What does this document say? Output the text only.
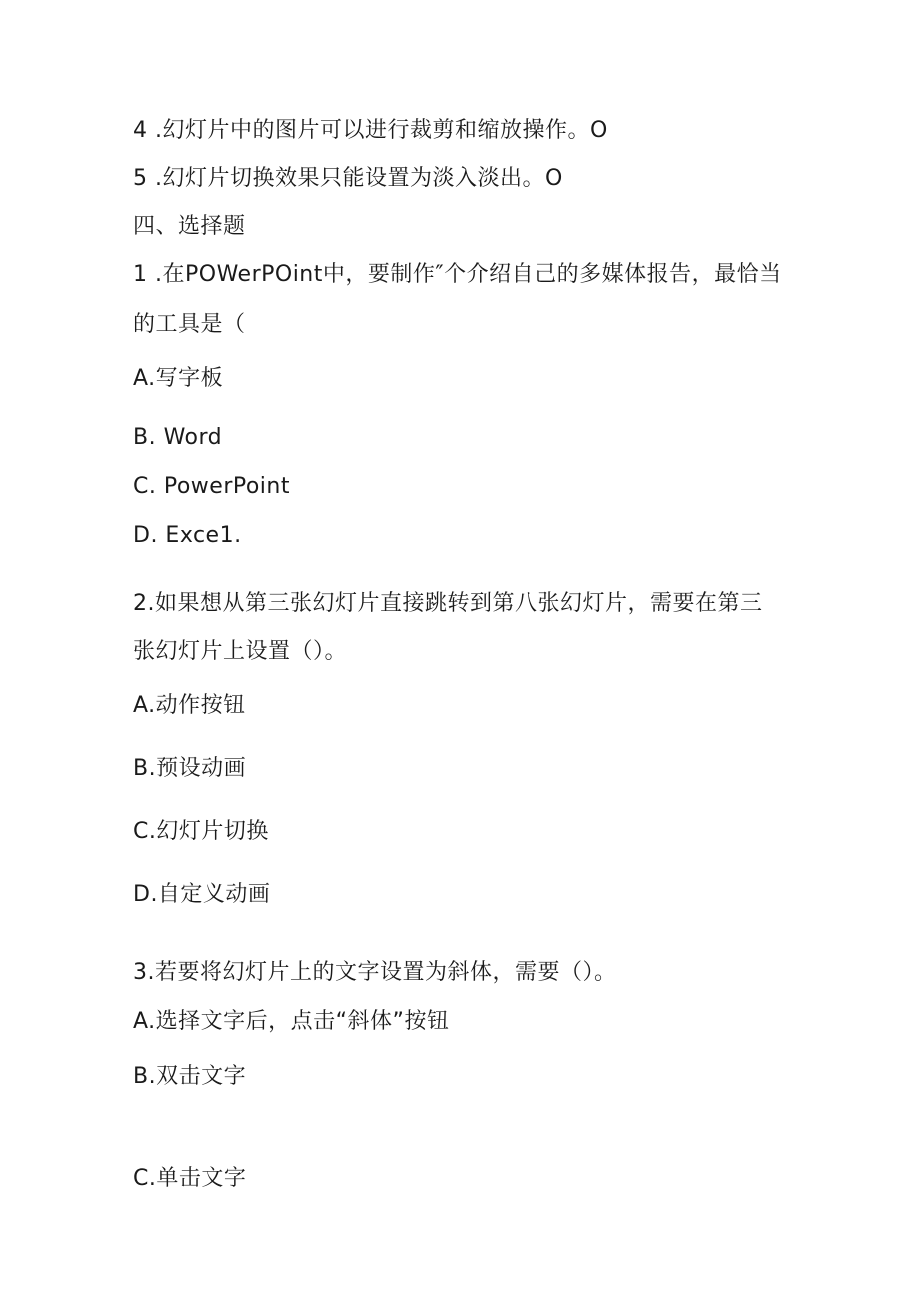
4 .幻灯片中的图片可以进行裁剪和缩放操作。O
5 .幻灯片切换效果只能设置为淡入淡出。O
四、选择题
1 .在POWerPOint中，要制作″个介绍自己的多媒体报告，最恰当
的工具是（
A.写字板
B. Word
C. PowerPoint
D. Exce1.
2.如果想从第三张幻灯片直接跳转到第八张幻灯片，需要在第三
张幻灯片上设置（）。
A.动作按钮
B.预设动画
C.幻灯片切换
D.自定义动画
3.若要将幻灯片上的文字设置为斜体，需要（）。
A.选择文字后，点击“斜体”按钮
B.双击文字
C.单击文字
